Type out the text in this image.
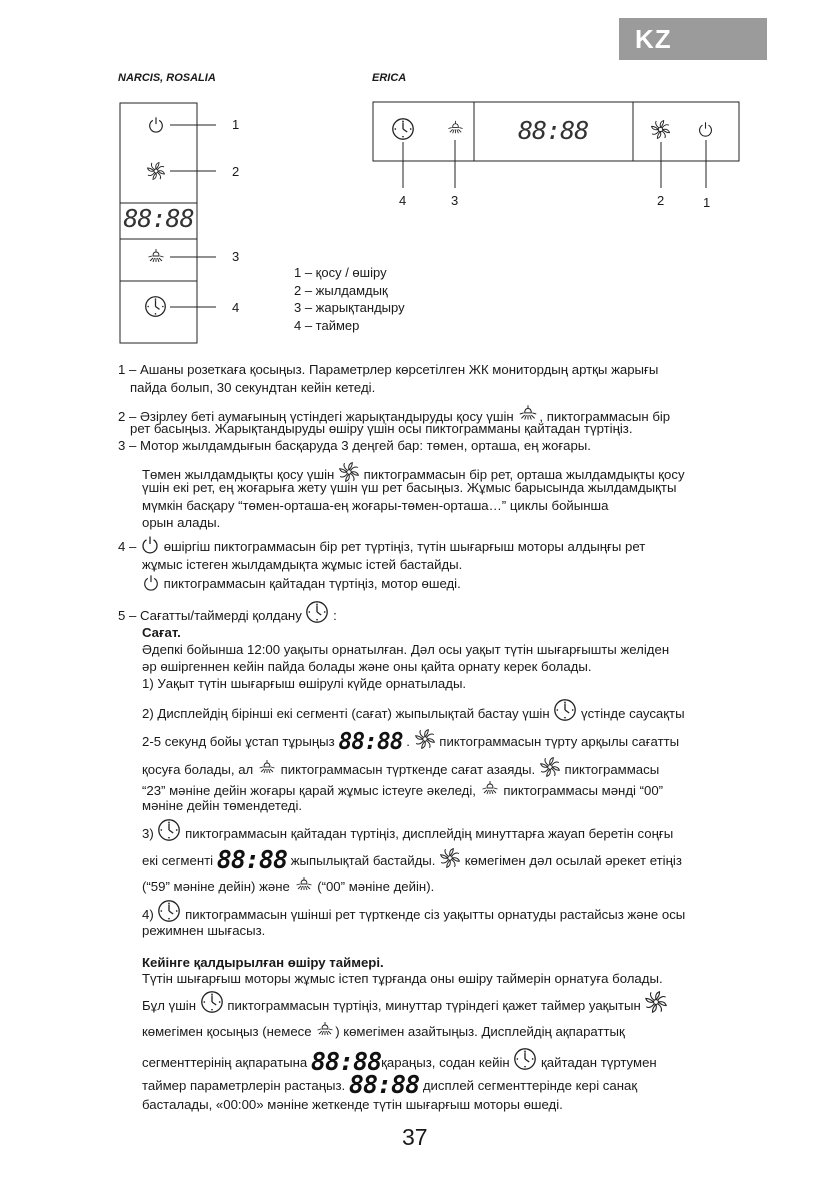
KZ
NARCIS, ROSALIA	ERICA
88:88
1
2
3
4
88:88
4	3	2	1
1 – қосу / өшіру
2 – жылдамдық
3 – жарықтандыру
4 – таймер
1 – Ашаны розеткаға қосыңыз. Параметрлер көрсетілген ЖК монитордың артқы жарығы
пайда болып, 30 секундтан кейін кетеді.
2 – Әзірлеу беті аумағының үстіндегі жарықтандыруды қосу үшін , пиктограммасын бір
рет басыңыз. Жарықтандыруды өшіру үшін осы пиктограмманы қайтадан түртіңіз.
3 – Мотор жылдамдығын басқаруда 3 деңгей бар: төмен, орташа, ең жоғары.
Төмен жылдамдықты қосу үшін пиктограммасын бір рет, орташа жылдамдықты қосу
үшін екі рет, ең жоғарыға жету үшін үш рет басыңыз. Жұмыс барысында жылдамдықты
мүмкін басқару “төмен-орташа-ең жоғары-төмен-орташа…” циклы бойынша
орын алады.
4 – өшіргіш пиктограммасын бір рет түртіңіз, түтін шығарғыш моторы алдыңғы рет
жұмыс істеген жылдамдықта жұмыс істей бастайды.
пиктограммасын қайтадан түртіңіз, мотор өшеді.
5 – Сағатты/таймерді қолдану :
Сағат.
Әдепкі бойынша 12:00 уақыты орнатылған. Дәл осы уақыт түтін шығарғышты желіден
әр өшіргеннен кейін пайда болады және оны қайта орнату керек болады.
1) Уақыт түтін шығарғыш өшірулі күйде орнатылады.
2) Дисплейдің бірінші екі сегменті (сағат) жыпылықтай бастау үшін үстінде саусақты
2-5 секунд бойы ұстап тұрыңыз 88:88 . пиктограммасын түрту арқылы сағатты
қосуға болады, ал пиктограммасын түрткенде сағат азаяды. пиктограммасы
“23” мәніне дейін жоғары қарай жұмыс істеуге әкеледі, пиктограммасы мәнді “00”
мәніне дейін төмендетеді.
3) пиктограммасын қайтадан түртіңіз, дисплейдің минуттарға жауап беретін соңғы
екі сегменті 88:88 жыпылықтай бастайды. көмегімен дәл осылай әрекет етіңіз
(“59” мәніне дейін) және (“00” мәніне дейін).
4) пиктограммасын үшінші рет түрткенде сіз уақытты орнатуды растайсыз және осы
режимнен шығасыз.
Кейінге қалдырылған өшіру таймері.
Түтін шығарғыш моторы жұмыс істеп тұрғанда оны өшіру таймерін орнатуға болады.
Бұл үшін пиктограммасын түртіңіз, минуттар түріндегі қажет таймер уақытын
көмегімен қосыңыз (немесе ) көмегімен азайтыңыз. Дисплейдің ақпараттық
сегменттерінің ақпаратына 88:88қараңыз, содан кейін қайтадан түртумен
таймер параметрлерін растаңыз. 88:88 дисплей сегменттерінде кері санақ
басталады, «00:00» мәніне жеткенде түтін шығарғыш моторы өшеді.
37
